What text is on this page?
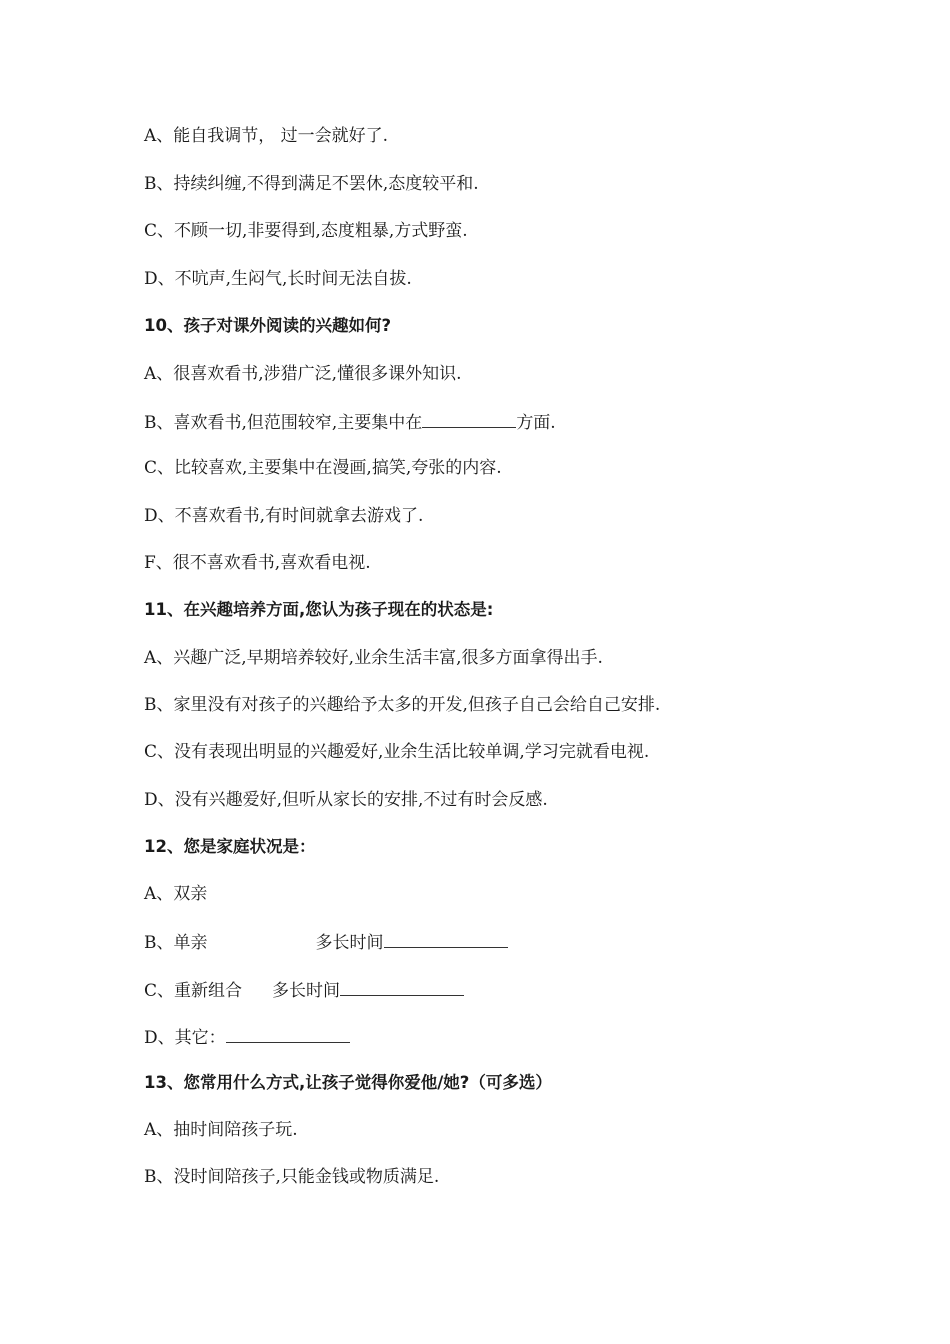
A、能自我调节， 过一会就好了.
B、持续纠缠,不得到满足不罢休,态度较平和.
C、不顾一切,非要得到,态度粗暴,方式野蛮.
D、不吭声,生闷气,长时间无法自拔.
10、孩子对课外阅读的兴趣如何?
A、很喜欢看书,涉猎广泛,懂很多课外知识.
B、喜欢看书,但范围较窄,主要集中在	方面.
C、比较喜欢,主要集中在漫画,搞笑,夸张的内容.
D、不喜欢看书,有时间就拿去游戏了.
F、很不喜欢看书,喜欢看电视.
11、在兴趣培养方面,您认为孩子现在的状态是:
A、兴趣广泛,早期培养较好,业余生活丰富,很多方面拿得出手.
B、家里没有对孩子的兴趣给予太多的开发,但孩子自己会给自己安排.
C、没有表现出明显的兴趣爱好,业余生活比较单调,学习完就看电视.
D、没有兴趣爱好,但听从家长的安排,不过有时会反感.
12、您是家庭状况是：
A、双亲
B、单亲	多长时间
C、重新组合 多长时间
D、其它：
13、您常用什么方式,让孩子觉得你爱他/她?（可多选）
A、抽时间陪孩子玩.
B、没时间陪孩子,只能金钱或物质满足.
